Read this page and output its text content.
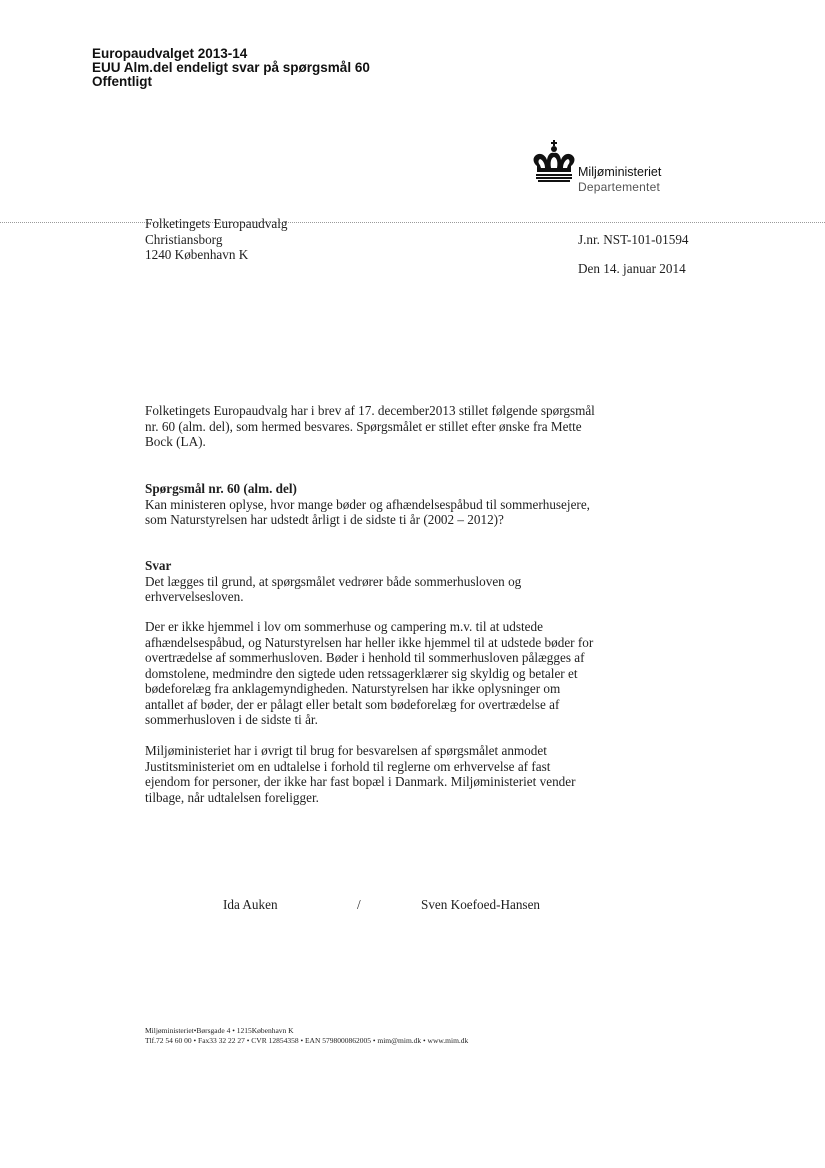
Europaudvalget 2013-14
EUU Alm.del endeligt svar på spørgsmål 60
Offentligt
Miljøministeriet
Departementet
Folketingets Europaudvalg
Christiansborg
1240 København K
J.nr. NST-101-01594
Den 14. januar 2014

Folketingets Europaudvalg har i brev af 17. december2013 stillet følgende spørgsmål nr. 60 (alm. del), som hermed besvares. Spørgsmålet er stillet efter ønske fra Mette Bock (LA).

Spørgsmål nr. 60 (alm. del)

Kan ministeren oplyse, hvor mange bøder og afhændelsespåbud til sommerhusejere, som Naturstyrelsen har udstedt årligt i de sidste ti år (2002 – 2012)?

Svar

Det lægges til grund, at spørgsmålet vedrører både sommerhusloven og erhvervelsesloven.

Der er ikke hjemmel i lov om sommerhuse og campering m.v. til at udstede afhændelsespåbud, og Naturstyrelsen har heller ikke hjemmel til at udstede bøder for overtrædelse af sommerhusloven. Bøder i henhold til sommerhusloven pålægges af domstolene, medmindre den sigtede uden retssagerklærer sig skyldig og betaler et bødeforelæg fra anklagemyndigheden. Naturstyrelsen har ikke oplysninger om antallet af bøder, der er pålagt eller betalt som bødeforelæg for overtrædelse af sommerhusloven i de sidste ti år.

Miljøministeriet har i øvrigt til brug for besvarelsen af spørgsmålet anmodet Justitsministeriet om en udtalelse i forhold til reglerne om erhvervelse af fast ejendom for personer, der ikke har fast bopæl i Danmark. Miljøministeriet vender tilbage, når udtalelsen foreligger.

Ida Auken	/	Sven Koefoed-Hansen
Miljøministeriet•Børsgade 4 • 1215København K
Tlf.72 54 60 00 • Fax33 32 22 27 • CVR 12854358 • EAN 5798000862005 • mim@mim.dk • www.mim.dk
